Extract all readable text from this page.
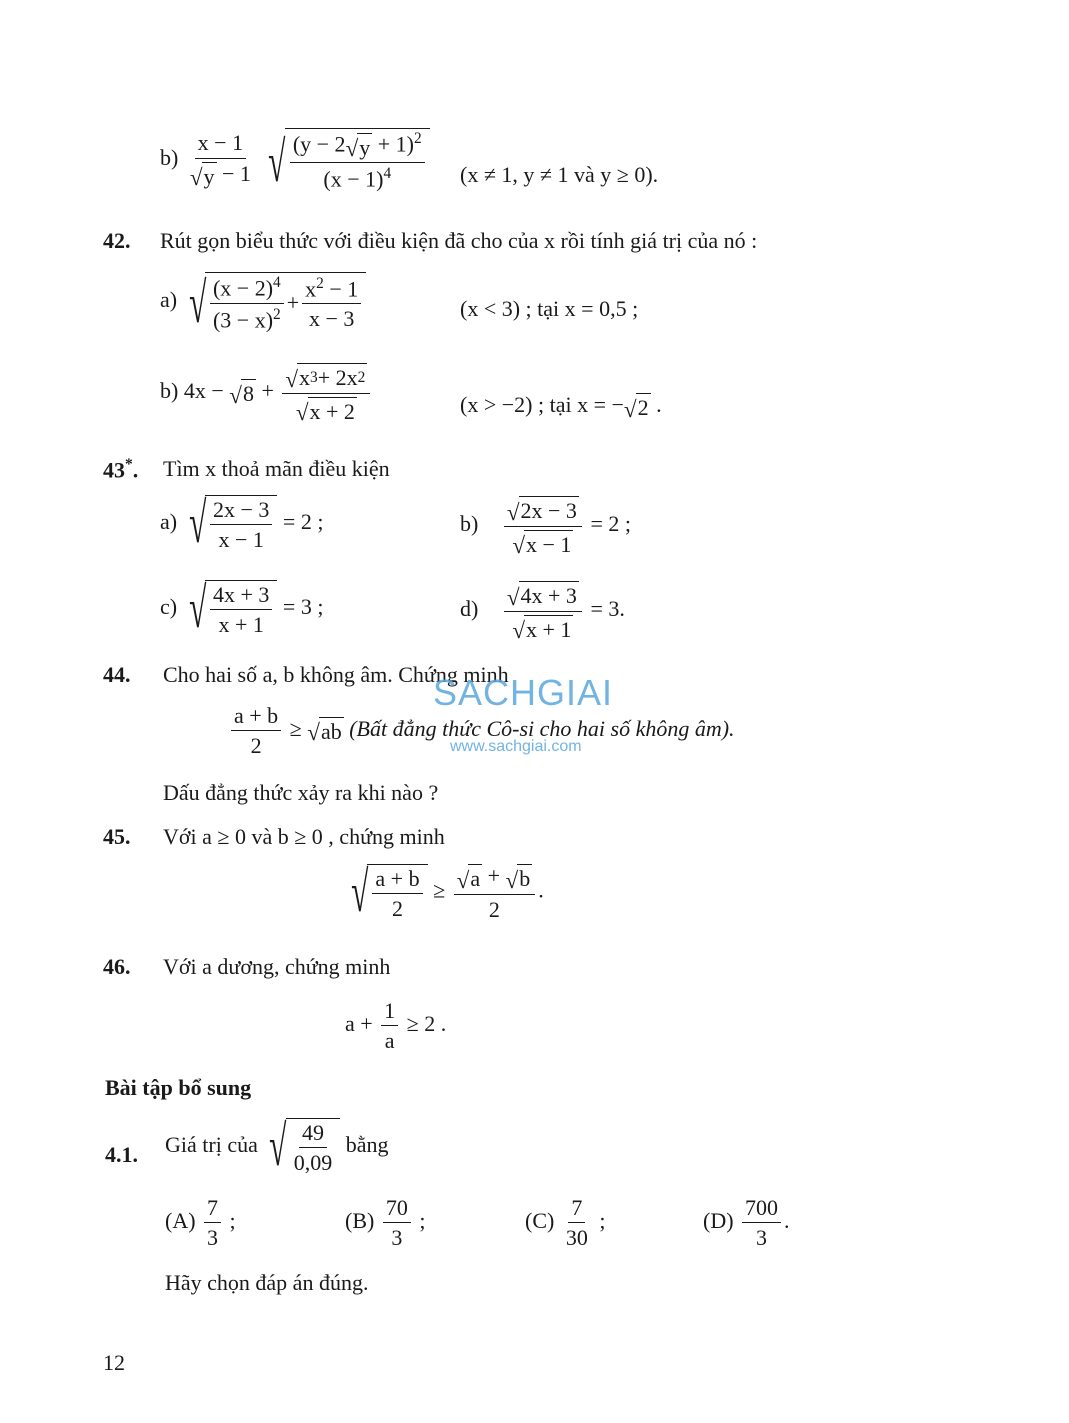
$b) \frac{x - 1}{√ y - 1}$
√ $\frac{(y - 2 √ y + 1)^2}{(x - 1)^4} (x \ne 1$, y ≠ 1 và y ≥ 0).
42. Rút gọn biểu thức với điều kiện đã cho của x rồi tính giá trị của nó :
a) √ $\frac{(x - 2)^4}{(3 - x)^2} + \frac{x^2 - 1}{x - 3}$	(x < 3) ; tại x = 0,5 ;
b) 4x − √ $8 + \frac{√ x 3 + 2x 2}{√ x + 2}$	(x > −2) ; tại x = − √ 2 .
43*. Tìm x thoả mãn điều kiện
a) √ $\frac{2x - 3}{x - 1} = 2$ ;	$b) \frac{√ 2x - 3}{√ x - 1} = 2$ ;
c) √ $\frac{4x + 3}{x + 1} = 3$ ;	$d) \frac{√ 4x + 3}{√ x + 1} = 3$.
44. Cho hai số a, b không âm. Chứng minh
SACHGIAI
www.sachgiai.com
$\frac{a + b}{2}$ ≥ √ ab (Bất đẳng thức Cô-si cho hai số không âm).
Dấu đẳng thức xảy ra khi nào ?
45. Với a ≥ 0 và b ≥ 0 , chứng minh
√ $\frac{a + b}{2} \ge \frac{√ a + √ b}{2}$ .
46. Với a dương, chứng minh
$a + \frac{1}{a} \ge 2$ .
Bài tập bổ sung
4.1. Giá trị của √ $\frac{49}{0,09}$ bằng
$(A) \frac{7}{3}$ ;	$(B) \frac{70}{3}$ ;	$(C) \frac{7}{30}$ ;	$(D) \frac{700}{3}$ .
Hãy chọn đáp án đúng.
12
